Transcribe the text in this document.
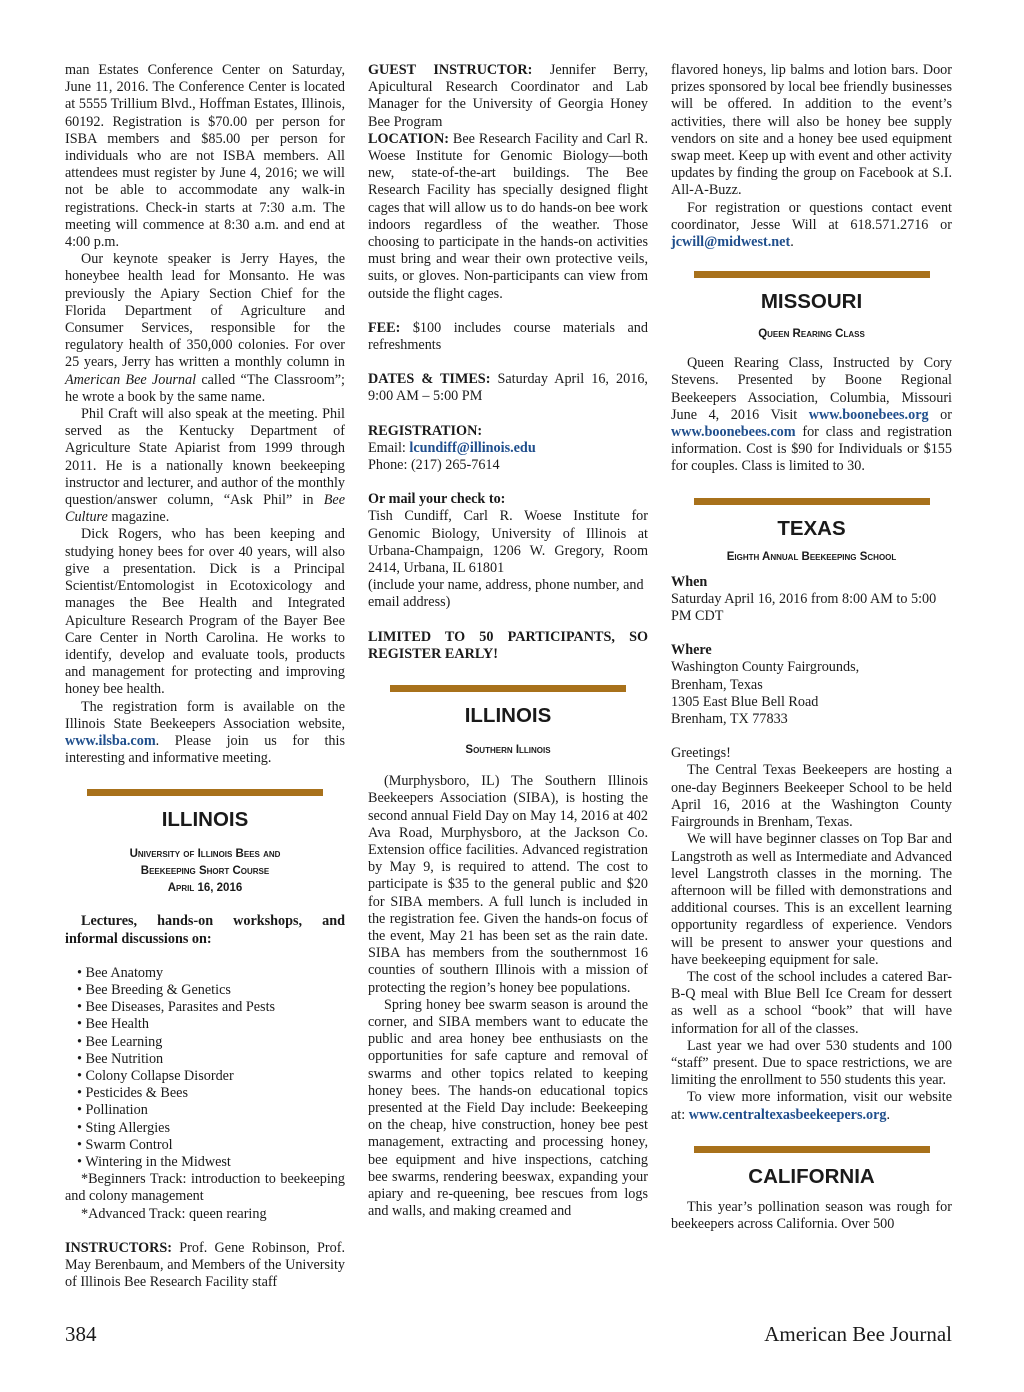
man Estates Conference Center on Saturday, June 11, 2016. The Conference Center is located at 5555 Trillium Blvd., Hoffman Estates, Illinois, 60192. Registration is $70.00 per person for ISBA members and $85.00 per person for individuals who are not ISBA members. All attendees must register by June 4, 2016; we will not be able to accommodate any walk-in registrations. Check-in starts at 7:30 a.m. The meeting will commence at 8:30 a.m. and end at 4:00 p.m.

Our keynote speaker is Jerry Hayes, the honeybee health lead for Monsanto. He was previously the Apiary Section Chief for the Florida Department of Agriculture and Consumer Services, responsible for the regulatory health of 350,000 colonies. For over 25 years, Jerry has written a monthly column in American Bee Journal called “The Classroom”; he wrote a book by the same name.

Phil Craft will also speak at the meeting. Phil served as the Kentucky Department of Agriculture State Apiarist from 1999 through 2011. He is a nationally known beekeeping instructor and lecturer, and author of the monthly question/answer column, “Ask Phil” in Bee Culture magazine.

Dick Rogers, who has been keeping and studying honey bees for over 40 years, will also give a presentation. Dick is a Principal Scientist/Entomologist in Ecotoxicology and manages the Bee Health and Integrated Apiculture Research Program of the Bayer Bee Care Center in North Carolina. He works to identify, develop and evaluate tools, products and management for protecting and improving honey bee health.

The registration form is available on the Illinois State Beekeepers Association website, www.ilsba.com. Please join us for this interesting and informative meeting.

ILLINOIS
University of Illinois Bees and
Beekeeping Short Course
April 16, 2016

Lectures, hands-on workshops, and informal discussions on:

• Bee Anatomy
• Bee Breeding & Genetics
• Bee Diseases, Parasites and Pests
• Bee Health
• Bee Learning
• Bee Nutrition
• Colony Collapse Disorder
• Pesticides & Bees
• Pollination
• Sting Allergies
• Swarm Control
• Wintering in the Midwest

*Beginners Track: introduction to beekeeping and colony management

*Advanced Track: queen rearing

INSTRUCTORS: Prof. Gene Robinson, Prof. May Berenbaum, and Members of the University of Illinois Bee Research Facility staff

GUEST INSTRUCTOR: Jennifer Berry, Apicultural Research Coordinator and Lab Manager for the University of Georgia Honey Bee Program

LOCATION: Bee Research Facility and Carl R. Woese Institute for Genomic Biology—both new, state-of-the-art buildings. The Bee Research Facility has specially designed flight cages that will allow us to do hands-on bee work indoors regardless of the weather. Those choosing to participate in the hands-on activities must bring and wear their own protective veils, suits, or gloves. Non-participants can view from outside the flight cages.

FEE: $100 includes course materials and refreshments

DATES & TIMES: Saturday April 16, 2016, 9:00 AM – 5:00 PM

REGISTRATION:

Email: lcundiff@illinois.edu

Phone: (217) 265-7614

Or mail your check to:

Tish Cundiff, Carl R. Woese Institute for Genomic Biology, University of Illinois at Urbana-Champaign, 1206 W. Gregory, Room 2414, Urbana, IL 61801

(include your name, address, phone number, and email address)

LIMITED TO 50 PARTICIPANTS, SO REGISTER EARLY!

ILLINOIS
Southern Illinois

(Murphysboro, IL) The Southern Illinois Beekeepers Association (SIBA), is hosting the second annual Field Day on May 14, 2016 at 402 Ava Road, Murphysboro, at the Jackson Co. Extension office facilities. Advanced registration by May 9, is required to attend. The cost to participate is $35 to the general public and $20 for SIBA members. A full lunch is included in the registration fee. Given the hands-on focus of the event, May 21 has been set as the rain date. SIBA has members from the southernmost 16 counties of southern Illinois with a mission of protecting the region’s honey bee populations.

Spring honey bee swarm season is around the corner, and SIBA members want to educate the public and area honey bee enthusiasts on the opportunities for safe capture and removal of swarms and other topics related to keeping honey bees. The hands-on educational topics presented at the Field Day include: Beekeeping on the cheap, hive construction, honey bee pest management, extracting and processing honey, bee equipment and hive inspections, catching bee swarms, rendering beeswax, expanding your apiary and re-queening, bee rescues from logs and walls, and making creamed and

flavored honeys, lip balms and lotion bars. Door prizes sponsored by local bee friendly businesses will be offered. In addition to the event’s activities, there will also be honey bee supply vendors on site and a honey bee used equipment swap meet. Keep up with event and other activity updates by finding the group on Facebook at S.I. All-A-Buzz.

For registration or questions contact event coordinator, Jesse Will at 618.571.2716 or jcwill@midwest.net.

MISSOURI
Queen Rearing Class

Queen Rearing Class, Instructed by Cory Stevens. Presented by Boone Regional Beekeepers Association, Columbia, Missouri June 4, 2016 Visit www.boonebees.org or www.boonebees.com for class and registration information. Cost is $90 for Individuals or $155 for couples. Class is limited to 30.

TEXAS
Eighth Annual Beekeeping School

When

Saturday April 16, 2016 from 8:00 AM to 5:00 PM CDT

Where

Washington County Fairgrounds,

Brenham, Texas

1305 East Blue Bell Road

Brenham, TX 77833

Greetings!

The Central Texas Beekeepers are hosting a one-day Beginners Beekeeper School to be held April 16, 2016 at the Washington County Fairgrounds in Brenham, Texas.

We will have beginner classes on Top Bar and Langstroth as well as Intermediate and Advanced level Langstroth classes in the morning. The afternoon will be filled with demonstrations and additional courses. This is an excellent learning opportunity regardless of experience. Vendors will be present to answer your questions and have beekeeping equipment for sale.

The cost of the school includes a catered Bar-B-Q meal with Blue Bell Ice Cream for dessert as well as a school “book” that will have information for all of the classes.

Last year we had over 530 students and 100 “staff” present. Due to space restrictions, we are limiting the enrollment to 550 students this year.

To view more information, visit our website at: www.centraltexasbeekeepers.org.

CALIFORNIA

This year’s pollination season was rough for beekeepers across California. Over 500

384	American Bee Journal
